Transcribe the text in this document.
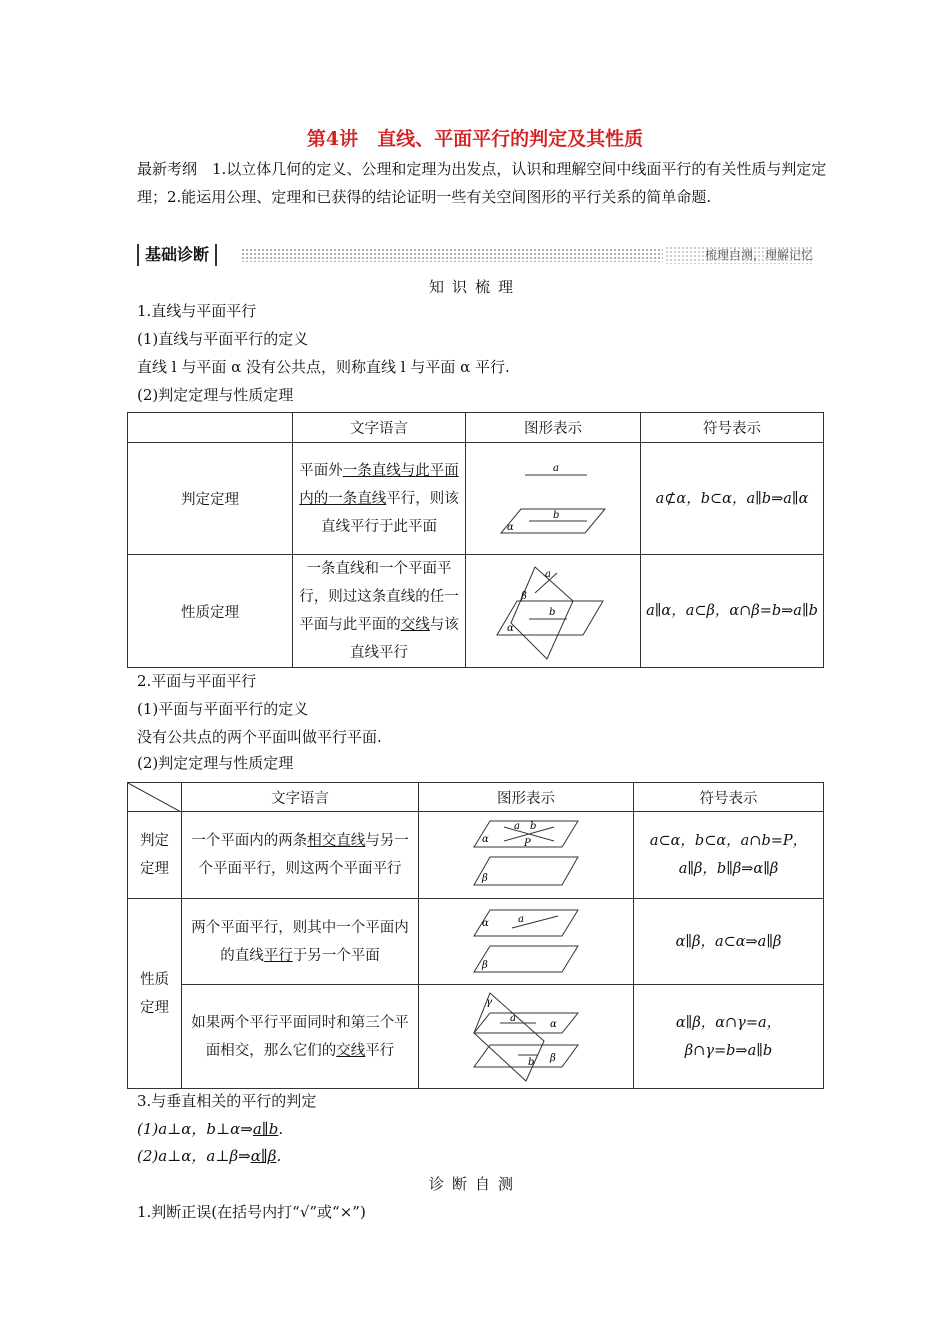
第4讲　直线、平面平行的判定及其性质
最新考纲　1.以立体几何的定义、公理和定理为出发点，认识和理解空间中线面平行的有关性质与判定定理；2.能运用公理、定理和已获得的结论证明一些有关空间图形的平行关系的简单命题.
基础诊断	梳理自测，理解记忆
知识梳理
1.直线与平面平行
(1)直线与平面平行的定义
直线 l 与平面 α 没有公共点，则称直线 l 与平面 α 平行.
(2)判定定理与性质定理
	文字语言	图形表示	符号表示
判定定理	平面外一条直线与此平面内的一条直线平行，则该直线平行于此平面	a
b
α	a⊄α，b⊂α，a∥b⇒a∥α
性质定理	一条直线和一个平面平行，则过这条直线的任一平面与此平面的交线与该直线平行	a
b
α
β	a∥α，a⊂β，α∩β=b⇒a∥b
2.平面与平面平行
(1)平面与平面平行的定义
没有公共点的两个平面叫做平行平面.
(2)判定定理与性质定理
	文字语言	图形表示	符号表示
判定定理	一个平面内的两条相交直线与另一个平面平行，则这两个平面平行	a b
P
α
β	a⊂α，b⊂α，a∩b=P，a∥β，b∥β⇒α∥β
性质定理	两个平面平行，则其中一个平面内的直线平行于另一个平面	a
α
β	α∥β，a⊂α⇒a∥β
	如果两个平行平面同时和第三个平面相交，那么它们的交线平行	a
b
α
β
γ	α∥β，α∩γ=a，β∩γ=b⇒a∥b
3.与垂直相关的平行的判定
(1)a⊥α，b⊥α⇒a∥b.
(2)a⊥α，a⊥β⇒α∥β.
诊断自测
1.判断正误(在括号内打“√”或“×”)
